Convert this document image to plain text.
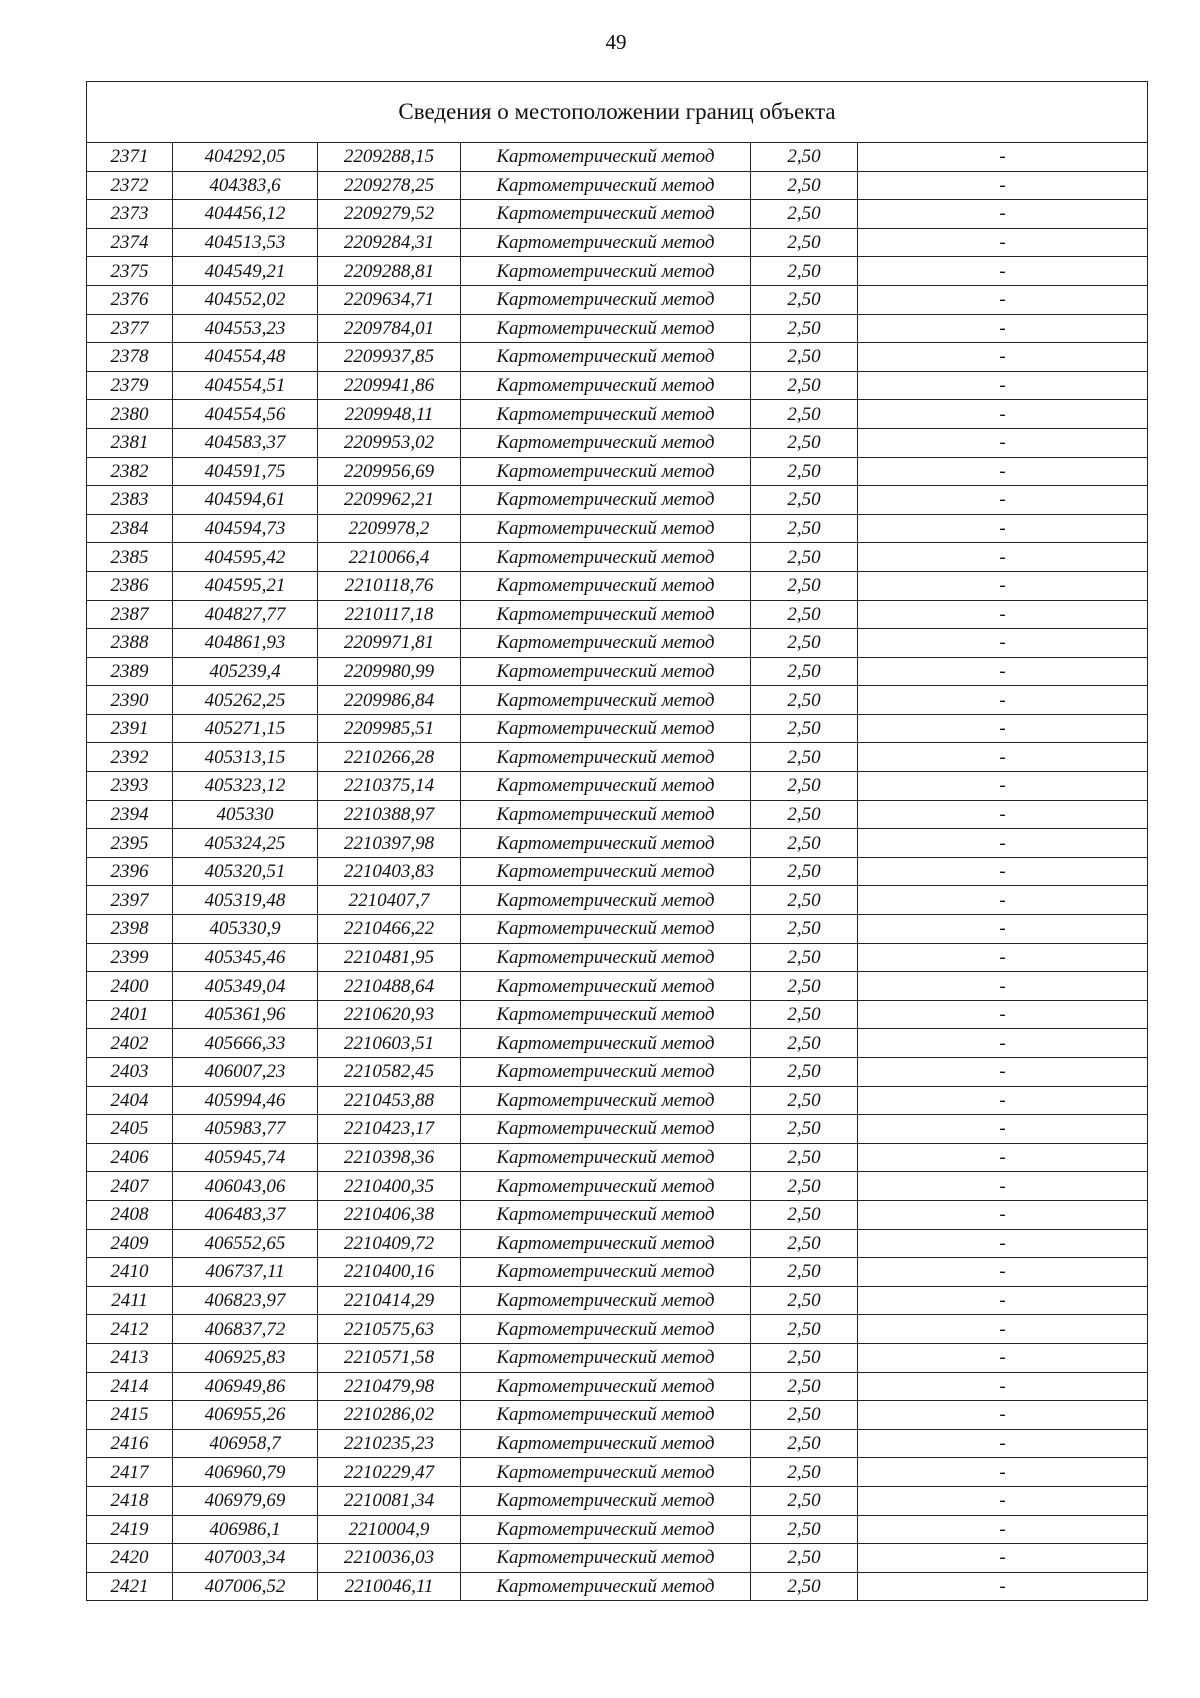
49
Сведения о местоположении границ объекта					
2371	404292,05	2209288,15	Картометрический метод	2,50	-
2372	404383,6	2209278,25	Картометрический метод	2,50	-
2373	404456,12	2209279,52	Картометрический метод	2,50	-
2374	404513,53	2209284,31	Картометрический метод	2,50	-
2375	404549,21	2209288,81	Картометрический метод	2,50	-
2376	404552,02	2209634,71	Картометрический метод	2,50	-
2377	404553,23	2209784,01	Картометрический метод	2,50	-
2378	404554,48	2209937,85	Картометрический метод	2,50	-
2379	404554,51	2209941,86	Картометрический метод	2,50	-
2380	404554,56	2209948,11	Картометрический метод	2,50	-
2381	404583,37	2209953,02	Картометрический метод	2,50	-
2382	404591,75	2209956,69	Картометрический метод	2,50	-
2383	404594,61	2209962,21	Картометрический метод	2,50	-
2384	404594,73	2209978,2	Картометрический метод	2,50	-
2385	404595,42	2210066,4	Картометрический метод	2,50	-
2386	404595,21	2210118,76	Картометрический метод	2,50	-
2387	404827,77	2210117,18	Картометрический метод	2,50	-
2388	404861,93	2209971,81	Картометрический метод	2,50	-
2389	405239,4	2209980,99	Картометрический метод	2,50	-
2390	405262,25	2209986,84	Картометрический метод	2,50	-
2391	405271,15	2209985,51	Картометрический метод	2,50	-
2392	405313,15	2210266,28	Картометрический метод	2,50	-
2393	405323,12	2210375,14	Картометрический метод	2,50	-
2394	405330	2210388,97	Картометрический метод	2,50	-
2395	405324,25	2210397,98	Картометрический метод	2,50	-
2396	405320,51	2210403,83	Картометрический метод	2,50	-
2397	405319,48	2210407,7	Картометрический метод	2,50	-
2398	405330,9	2210466,22	Картометрический метод	2,50	-
2399	405345,46	2210481,95	Картометрический метод	2,50	-
2400	405349,04	2210488,64	Картометрический метод	2,50	-
2401	405361,96	2210620,93	Картометрический метод	2,50	-
2402	405666,33	2210603,51	Картометрический метод	2,50	-
2403	406007,23	2210582,45	Картометрический метод	2,50	-
2404	405994,46	2210453,88	Картометрический метод	2,50	-
2405	405983,77	2210423,17	Картометрический метод	2,50	-
2406	405945,74	2210398,36	Картометрический метод	2,50	-
2407	406043,06	2210400,35	Картометрический метод	2,50	-
2408	406483,37	2210406,38	Картометрический метод	2,50	-
2409	406552,65	2210409,72	Картометрический метод	2,50	-
2410	406737,11	2210400,16	Картометрический метод	2,50	-
2411	406823,97	2210414,29	Картометрический метод	2,50	-
2412	406837,72	2210575,63	Картометрический метод	2,50	-
2413	406925,83	2210571,58	Картометрический метод	2,50	-
2414	406949,86	2210479,98	Картометрический метод	2,50	-
2415	406955,26	2210286,02	Картометрический метод	2,50	-
2416	406958,7	2210235,23	Картометрический метод	2,50	-
2417	406960,79	2210229,47	Картометрический метод	2,50	-
2418	406979,69	2210081,34	Картометрический метод	2,50	-
2419	406986,1	2210004,9	Картометрический метод	2,50	-
2420	407003,34	2210036,03	Картометрический метод	2,50	-
2421	407006,52	2210046,11	Картометрический метод	2,50	-
